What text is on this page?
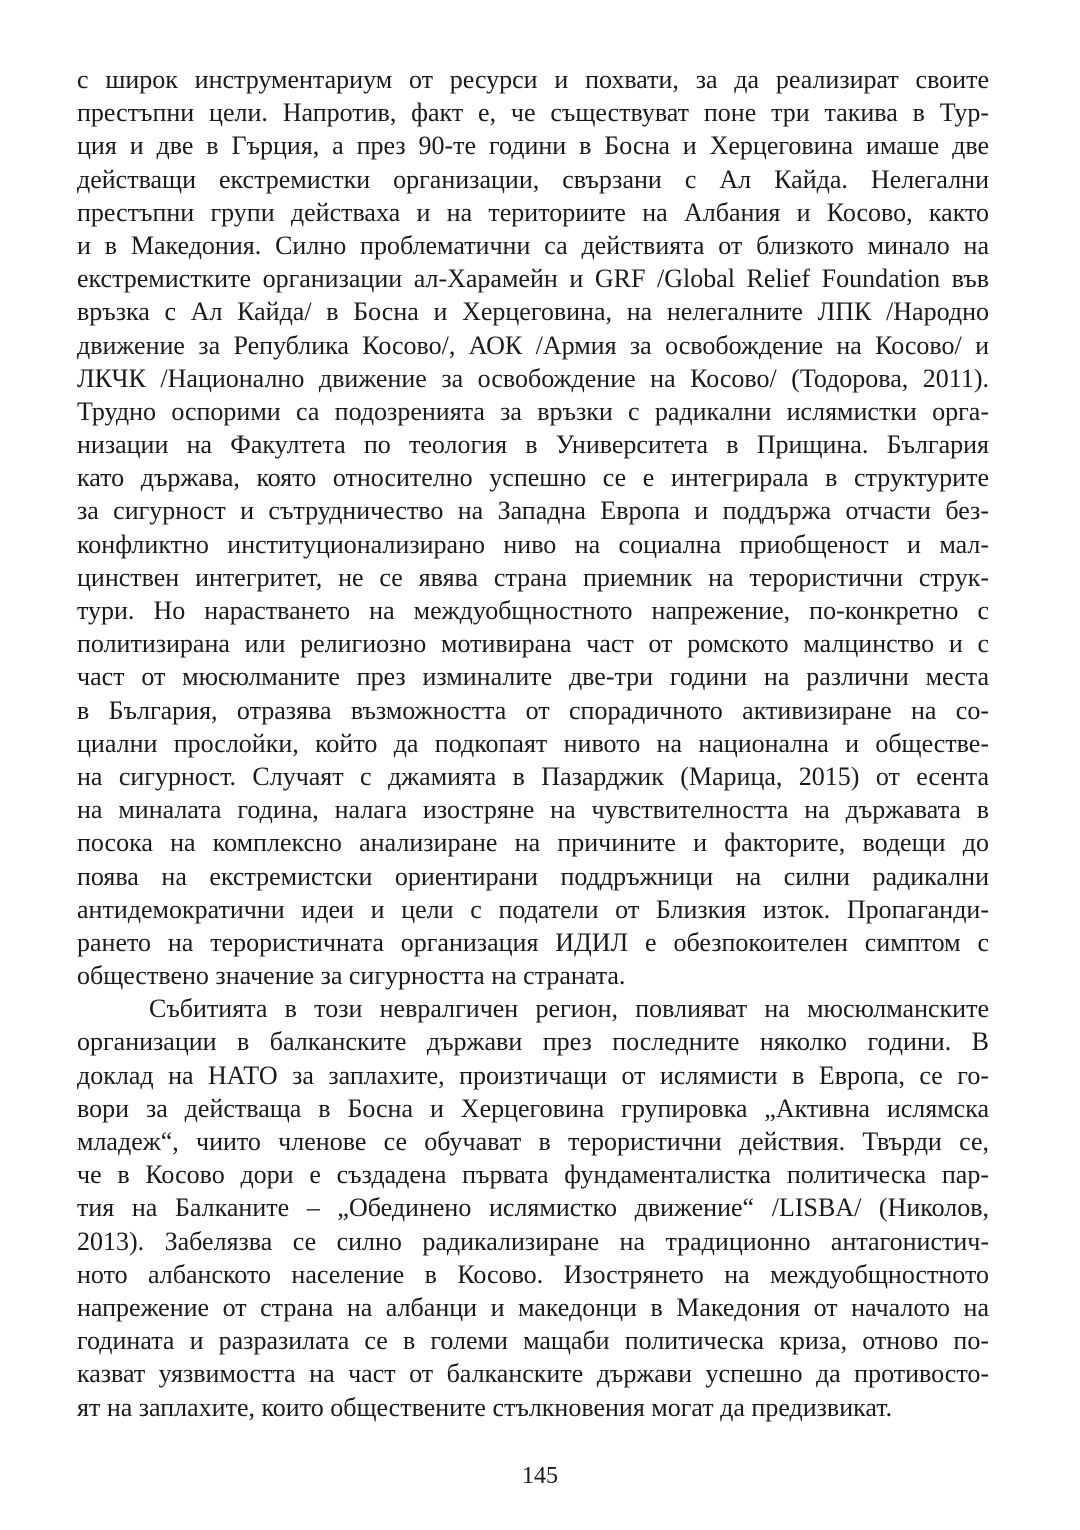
с широк инструментариум от ресурси и похвати, за да реализират своите
престъпни цели. Напротив, факт е, че съществуват поне три такива в Тур-
ция и две в Гърция, а през 90-те години в Босна и Херцеговина имаше две
действащи екстремистки организации, свързани с Ал Кайда. Нелегални
престъпни групи действаха и на териториите на Албания и Косово, както
и в Македония. Силно проблематични са действията от близкото минало на
екстремистките организации ал-Харамейн и GRF /Global Relief Foundation във
връзка с Ал Кайда/ в Босна и Херцеговина, на нелегалните ЛПК /Народно
движение за Република Косово/, АОК /Армия за освобождение на Косово/ и
ЛКЧК /Национално движение за освобождение на Косово/ (Тодорова, 2011).
Трудно оспорими са подозренията за връзки с радикални ислямистки орга-
низации на Факултета по теология в Университета в Прищина. България
като държава, която относително успешно се е интегрирала в структурите
за сигурност и сътрудничество на Западна Европа и поддържа отчасти без-
конфликтно институционализирано ниво на социална приобщеност и мал-
цинствен интегритет, не се явява страна приемник на терористични струк-
тури. Но нарастването на междуобщностното напрежение, по-конкретно с
политизирана или религиозно мотивирана част от ромското малцинство и с
част от мюсюлманите през изминалите две-три години на различни места
в България, отразява възможността от спорадичното активизиране на со-
циални прослойки, който да подкопаят нивото на национална и обществе-
на сигурност. Случаят с джамията в Пазарджик (Марица, 2015) от есента
на миналата година, налага изостряне на чувствителността на държавата в
посока на комплексно анализиране на причините и факторите, водещи до
поява на екстремистски ориентирани поддръжници на силни радикални
антидемократични идеи и цели с податели от Близкия изток. Пропаганди-
рането на терористичната организация ИДИЛ е обезпокоителен симптом с
обществено значение за сигурността на страната.
Събитията в този невралгичен регион, повлияват на мюсюлманските
организации в балканските държави през последните няколко години. В
доклад на НАТО за заплахите, произтичащи от ислямисти в Европа, се го-
вори за действаща в Босна и Херцеговина групировка „Активна ислямска
младеж“, чиито членове се обучават в терористични действия. Твърди се,
че в Косово дори е създадена първата фундаменталистка политическа пар-
тия на Балканите – „Обединено ислямистко движение“ /LISBA/ (Николов,
2013). Забелязва се силно радикализиране на традиционно антагонистич-
ното албанското население в Косово. Изострянето на междуобщностното
напрежение от страна на албанци и македонци в Македония от началото на
годината и разразилата се в големи мащаби политическа криза, отново по-
казват уязвимостта на част от балканските държави успешно да противосто-
ят на заплахите, които обществените стълкновения могат да предизвикат.
145
